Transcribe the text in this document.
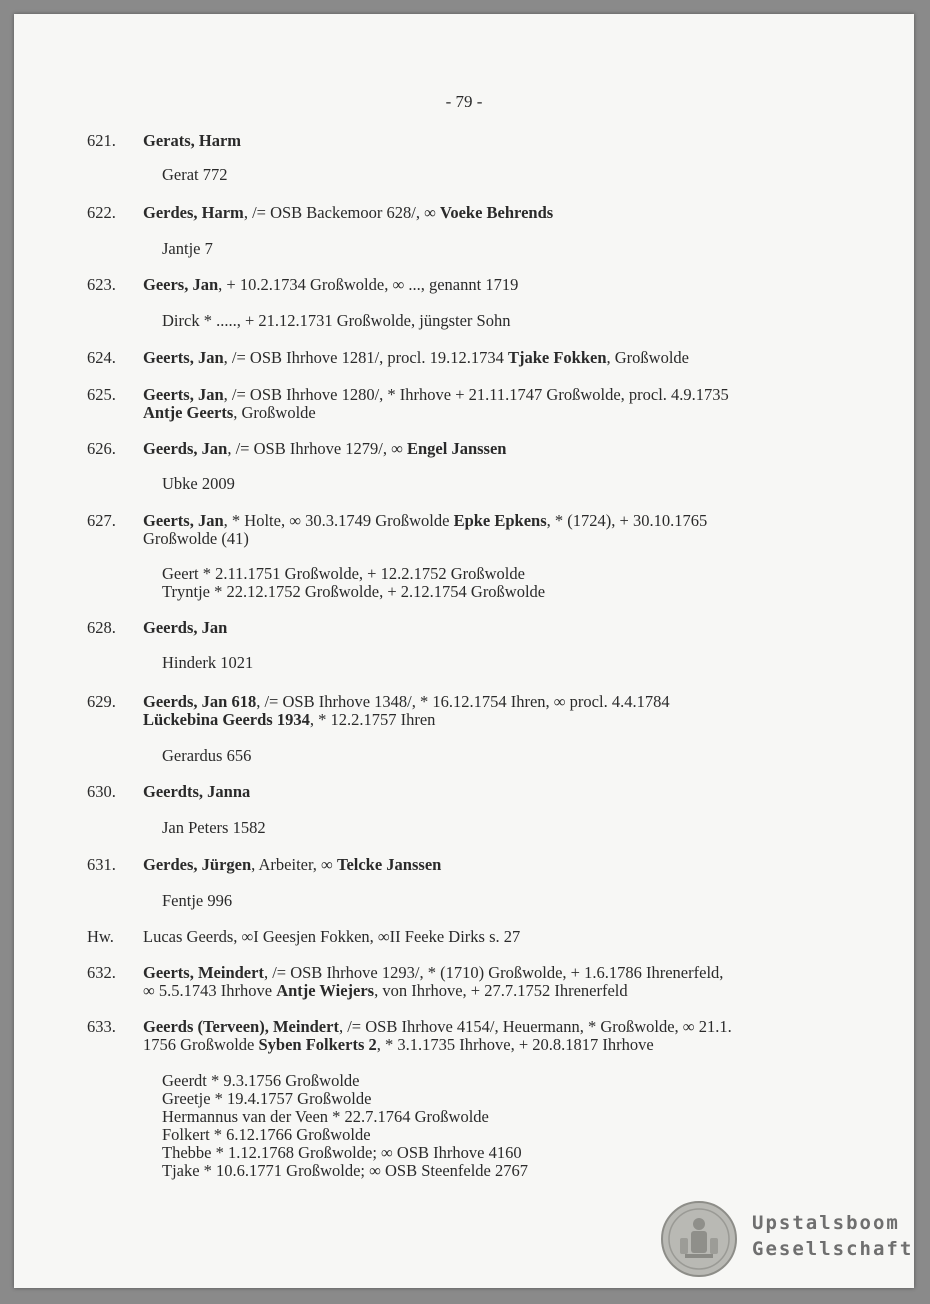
- 79 -
621.	Gerats, Harm
Gerat 772
622.	Gerdes, Harm, /= OSB Backemoor 628/, ∞ Voeke Behrends
Jantje 7
623.	Geers, Jan, + 10.2.1734 Großwolde, ∞ ..., genannt 1719
Dirck * ....., + 21.12.1731 Großwolde, jüngster Sohn
624.	Geerts, Jan, /= OSB Ihrhove 1281/, procl. 19.12.1734 Tjake Fokken, Großwolde
625.	Geerts, Jan, /= OSB Ihrhove 1280/, * Ihrhove + 21.11.1747 Großwolde, procl. 4.9.1735
Antje Geerts, Großwolde
626.	Geerds, Jan, /= OSB Ihrhove 1279/, ∞ Engel Janssen
Ubke 2009
627.	Geerts, Jan, * Holte, ∞ 30.3.1749 Großwolde Epke Epkens, * (1724), + 30.10.1765
Großwolde (41)
Geert * 2.11.1751 Großwolde, + 12.2.1752 Großwolde
Tryntje * 22.12.1752 Großwolde, + 2.12.1754 Großwolde
628.	Geerds, Jan
Hinderk 1021
629.	Geerds, Jan 618, /= OSB Ihrhove 1348/, * 16.12.1754 Ihren, ∞ procl. 4.4.1784
Lückebina Geerds 1934, * 12.2.1757 Ihren
Gerardus 656
630.	Geerdts, Janna
Jan Peters 1582
631.	Gerdes, Jürgen, Arbeiter, ∞ Telcke Janssen
Fentje 996
Hw.	Lucas Geerds, ∞I Geesjen Fokken, ∞II Feeke Dirks s. 27
632.	Geerts, Meindert, /= OSB Ihrhove 1293/, * (1710) Großwolde, + 1.6.1786 Ihrenerfeld,
∞ 5.5.1743 Ihrhove Antje Wiejers, von Ihrhove, + 27.7.1752 Ihrenerfeld
633.	Geerds (Terveen), Meindert, /= OSB Ihrhove 4154/, Heuermann, * Großwolde, ∞ 21.1.
1756 Großwolde Syben Folkerts 2, * 3.1.1735 Ihrhove, + 20.8.1817 Ihrhove
Geerdt * 9.3.1756 Großwolde
Greetje * 19.4.1757 Großwolde
Hermannus van der Veen * 22.7.1764 Großwolde
Folkert * 6.12.1766 Großwolde
Thebbe * 1.12.1768 Großwolde; ∞ OSB Ihrhove 4160
Tjake * 10.6.1771 Großwolde; ∞ OSB Steenfelde 2767
Upstalsboom
Gesellschaft
